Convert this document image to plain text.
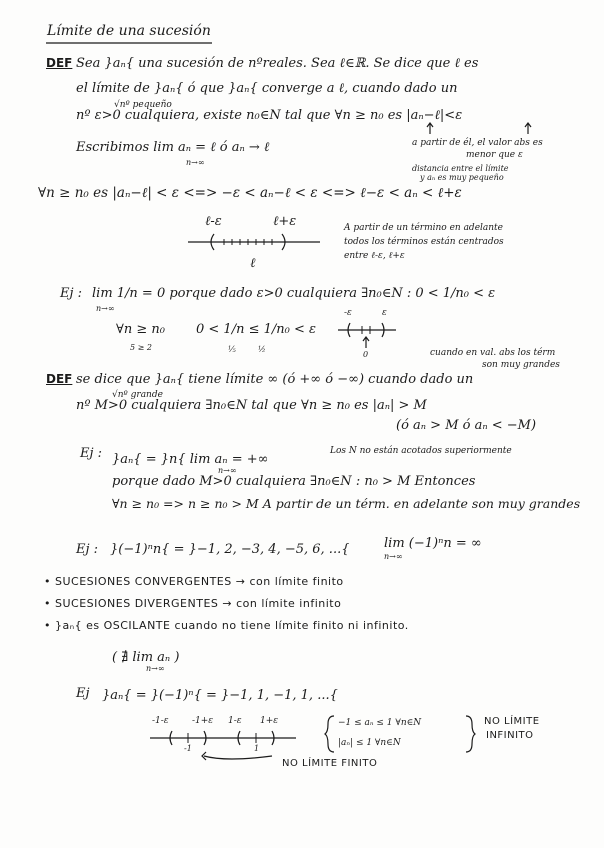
Límite de una sucesión
DEF Sea }aₙ{ una sucesión de nºreales. Sea ℓ∈ℝ. Se dice que ℓ es
el límite de }aₙ{ ó que }aₙ{ converge a ℓ, cuando dado un
√nº pequeño
nº ε>0 cualquiera, existe n₀∈N tal que ∀n ≥ n₀ es |aₙ−ℓ|<ε
a partir de él, el valor abs es
menor que ε
Escribimos lim aₙ = ℓ ó aₙ → ℓ
n→∞
distancia entre el límite
y aₙ es muy pequeño
∀n ≥ n₀ es |aₙ−ℓ| < ε <=> −ε < aₙ−ℓ < ε <=> ℓ−ε < aₙ < ℓ+ε
ℓ-ε	ℓ+ε
ℓ
A partir de un término en adelante
todos los términos están centrados
entre ℓ-ε, ℓ+ε
Ej : lim 1/n = 0 porque dado ε>0 cualquiera ∃n₀∈N : 0 < 1/n₀ < ε
n→∞
∀n ≥ n₀ 0 < 1/n ≤ 1/n₀ < ε
5 ≥ 2	⅕	½
-ε	ε
0	cuando en val. abs los térm
son muy grandes
DEF se dice que }aₙ{ tiene límite ∞ (ó +∞ ó −∞) cuando dado un
√nº grande
nº M>0 cualquiera ∃n₀∈N tal que ∀n ≥ n₀ es |aₙ| > M
(ó aₙ > M ó aₙ < −M)
Ej : }aₙ{ = }n{ lim aₙ = +∞
n→∞
Los N no están acotados superiormente
porque dado M>0 cualquiera ∃n₀∈N : n₀ > M Entonces
∀n ≥ n₀ => n ≥ n₀ > M A partir de un térm. en adelante son muy grandes
Ej : }(−1)ⁿn{ = }−1, 2, −3, 4, −5, 6, ...{	lim (−1)ⁿn = ∞
n→∞
• SUCESIONES CONVERGENTES → con límite finito
• SUCESIONES DIVERGENTES → con límite infinito
• }aₙ{ es OSCILANTE cuando no tiene límite finito ni infinito.
( ∄ lim aₙ )
n→∞
Ej }aₙ{ = }(−1)ⁿ{ = }−1, 1, −1, 1, ...{
-1-ε	-1+ε 1-ε 1+ε
-1	1
−1 ≤ aₙ ≤ 1 ∀n∈N
|aₙ| ≤ 1 ∀n∈N
NO LÍMITE
INFINITO
NO LÍMITE FINITO
